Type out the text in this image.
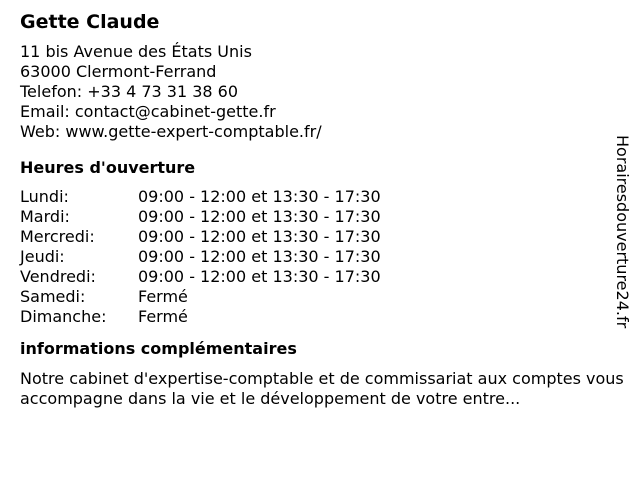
Gette Claude
11 bis Avenue des États Unis
63000 Clermont-Ferrand
Telefon: +33 4 73 31 38 60
Email: contact@cabinet-gette.fr
Web: www.gette-expert-comptable.fr/
Heures d'ouverture
Lundi:	09:00 - 12:00 et 13:30 - 17:30
Mardi:	09:00 - 12:00 et 13:30 - 17:30
Mercredi:	09:00 - 12:00 et 13:30 - 17:30
Jeudi:	09:00 - 12:00 et 13:30 - 17:30
Vendredi:	09:00 - 12:00 et 13:30 - 17:30
Samedi:	Fermé
Dimanche:	Fermé
informations complémentaires
Notre cabinet d'expertise-comptable et de commissariat aux comptes vous accompagne dans la vie et le développement de votre entre...
Horairesdouverture24.fr
